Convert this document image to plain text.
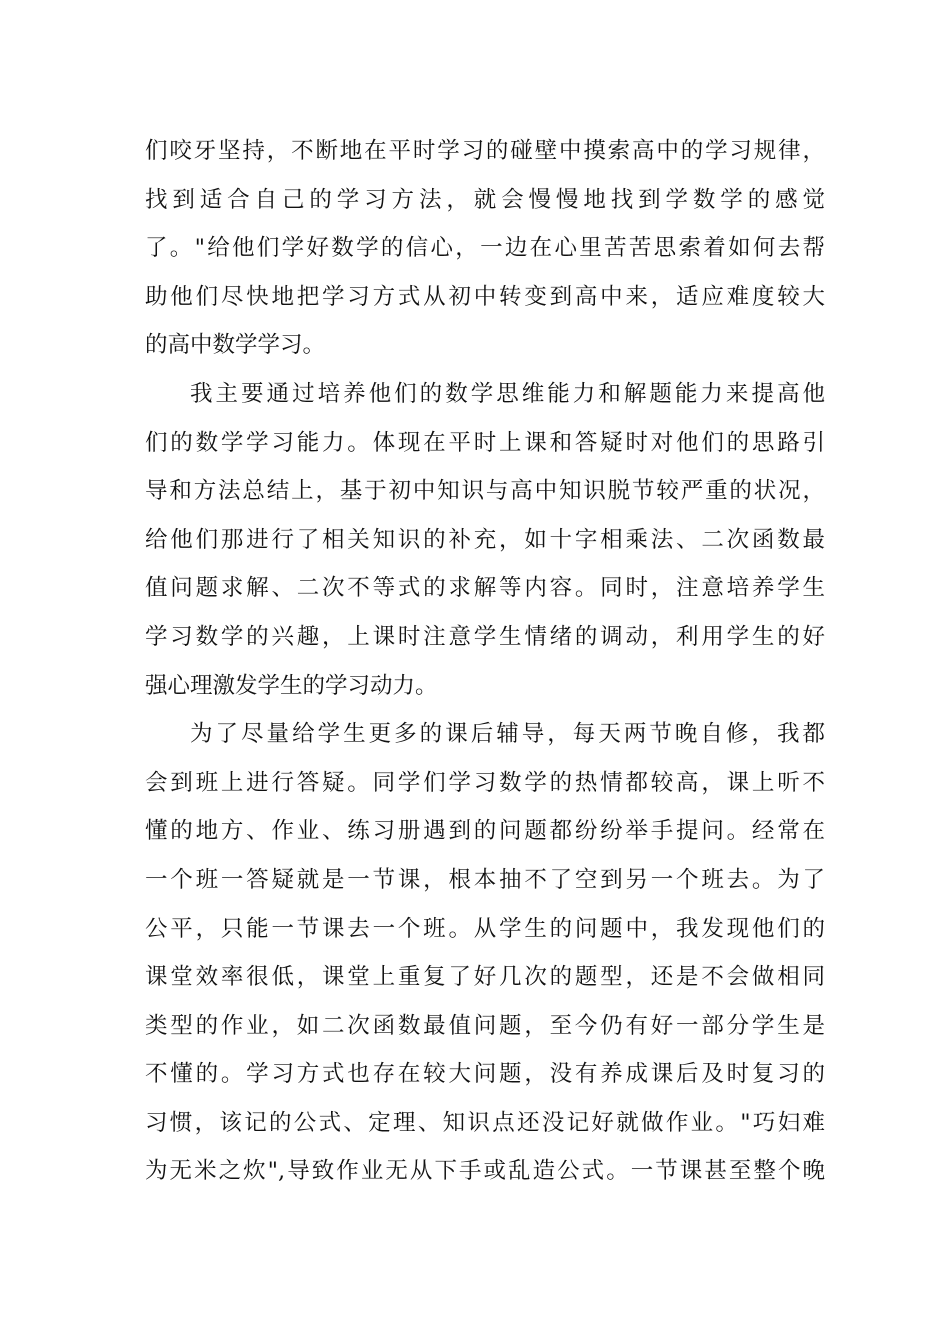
们咬牙坚持，不断地在平时学习的碰壁中摸索高中的学习规律，
找到适合自己的学习方法，就会慢慢地找到学数学的感觉
了。"给他们学好数学的信心，一边在心里苦苦思索着如何去帮
助他们尽快地把学习方式从初中转变到高中来，适应难度较大
的高中数学学习。
我主要通过培养他们的数学思维能力和解题能力来提高他
们的数学学习能力。体现在平时上课和答疑时对他们的思路引
导和方法总结上，基于初中知识与高中知识脱节较严重的状况，
给他们那进行了相关知识的补充，如十字相乘法、二次函数最
值问题求解、二次不等式的求解等内容。同时，注意培养学生
学习数学的兴趣，上课时注意学生情绪的调动，利用学生的好
强心理激发学生的学习动力。
为了尽量给学生更多的课后辅导，每天两节晚自修，我都
会到班上进行答疑。同学们学习数学的热情都较高，课上听不
懂的地方、作业、练习册遇到的问题都纷纷举手提问。经常在
一个班一答疑就是一节课，根本抽不了空到另一个班去。为了
公平，只能一节课去一个班。从学生的问题中，我发现他们的
课堂效率很低，课堂上重复了好几次的题型，还是不会做相同
类型的作业，如二次函数最值问题，至今仍有好一部分学生是
不懂的。学习方式也存在较大问题，没有养成课后及时复习的
习惯，该记的公式、定理、知识点还没记好就做作业。"巧妇难
为无米之炊",导致作业无从下手或乱造公式。一节课甚至整个晚
